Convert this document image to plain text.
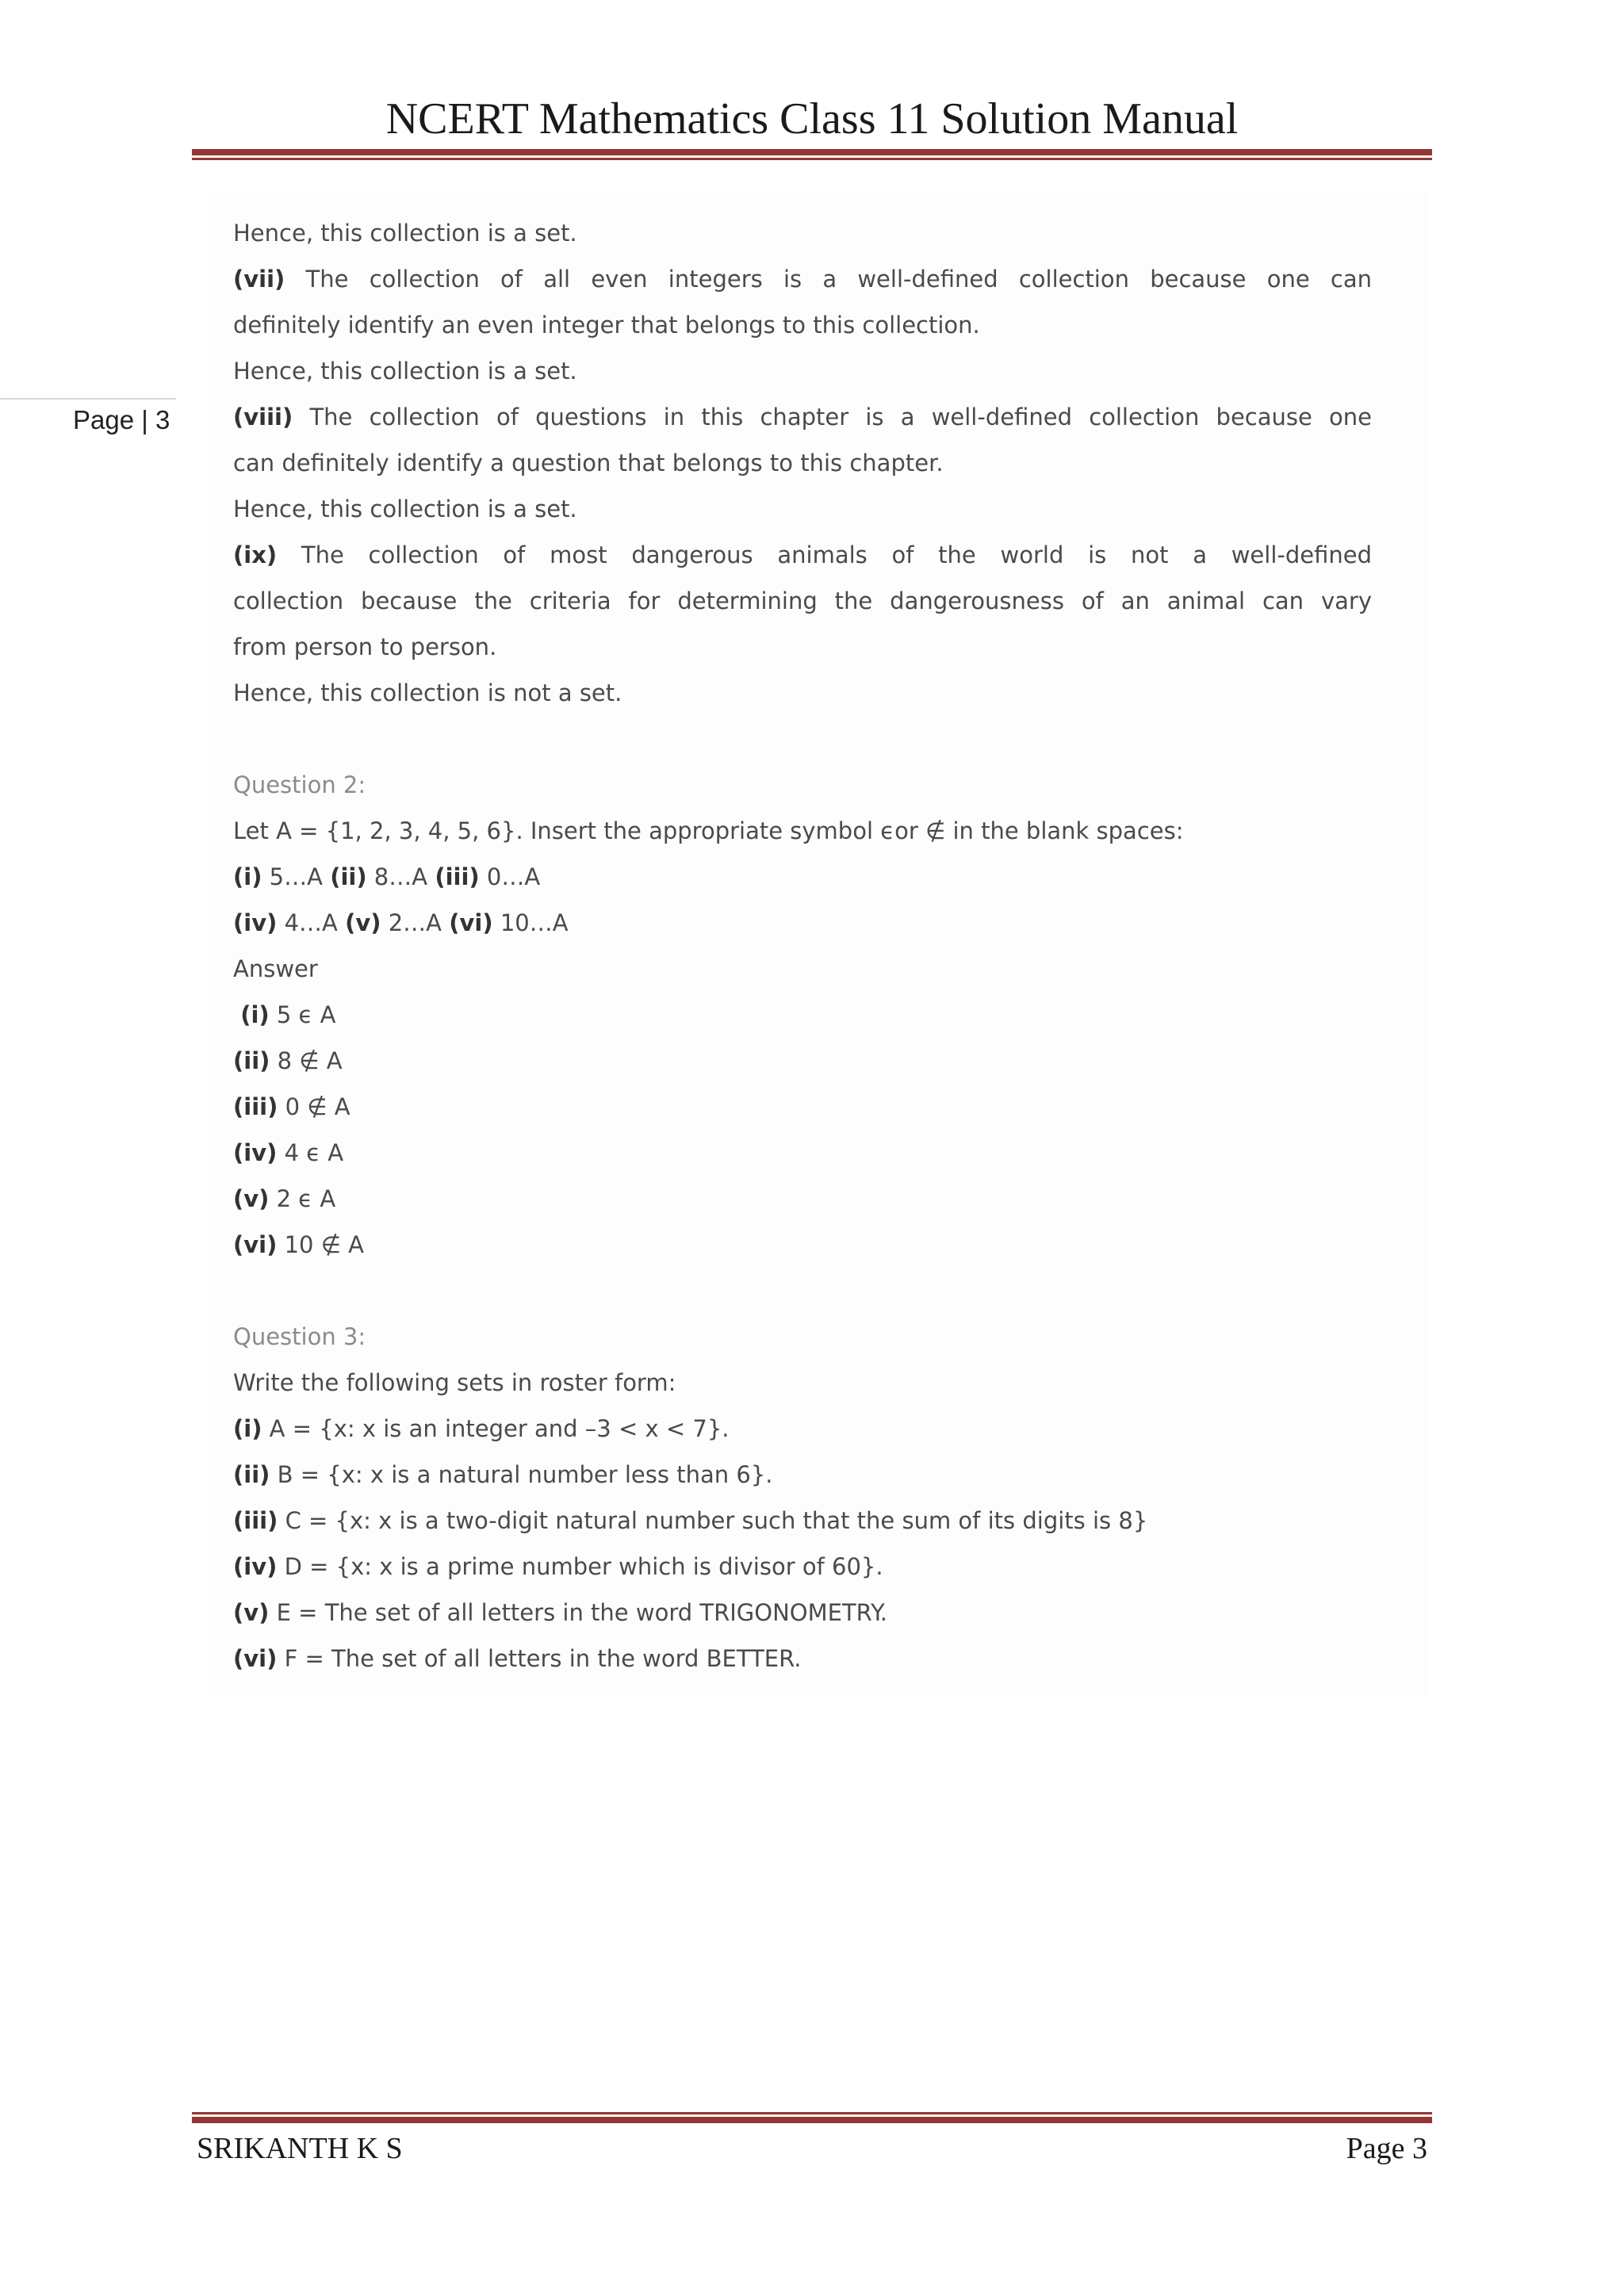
NCERT Mathematics Class 11 Solution Manual
Page | 3
Hence, this collection is a set.
(vii) The collection of all even integers is a well-defined collection because one can
definitely identify an even integer that belongs to this collection.
Hence, this collection is a set.
(viii) The collection of questions in this chapter is a well-defined collection because one
can definitely identify a question that belongs to this chapter.
Hence, this collection is a set.
(ix) The collection of most dangerous animals of the world is not a well-defined
collection because the criteria for determining the dangerousness of an animal can vary
from person to person.
Hence, this collection is not a set.
Question 2:
Let A = {1, 2, 3, 4, 5, 6}. Insert the appropriate symbol ϵor ∉ in the blank spaces:
(i) 5…A (ii) 8…A (iii) 0…A
(iv) 4…A (v) 2…A (vi) 10…A
Answer
(i) 5 ϵ A
(ii) 8 ∉ A
(iii) 0 ∉ A
(iv) 4 ϵ A
(v) 2 ϵ A
(vi) 10 ∉ A
Question 3:
Write the following sets in roster form:
(i) A = {x: x is an integer and –3 < x < 7}.
(ii) B = {x: x is a natural number less than 6}.
(iii) C = {x: x is a two-digit natural number such that the sum of its digits is 8}
(iv) D = {x: x is a prime number which is divisor of 60}.
(v) E = The set of all letters in the word TRIGONOMETRY.
(vi) F = The set of all letters in the word BETTER.
SRIKANTH K S	Page 3
